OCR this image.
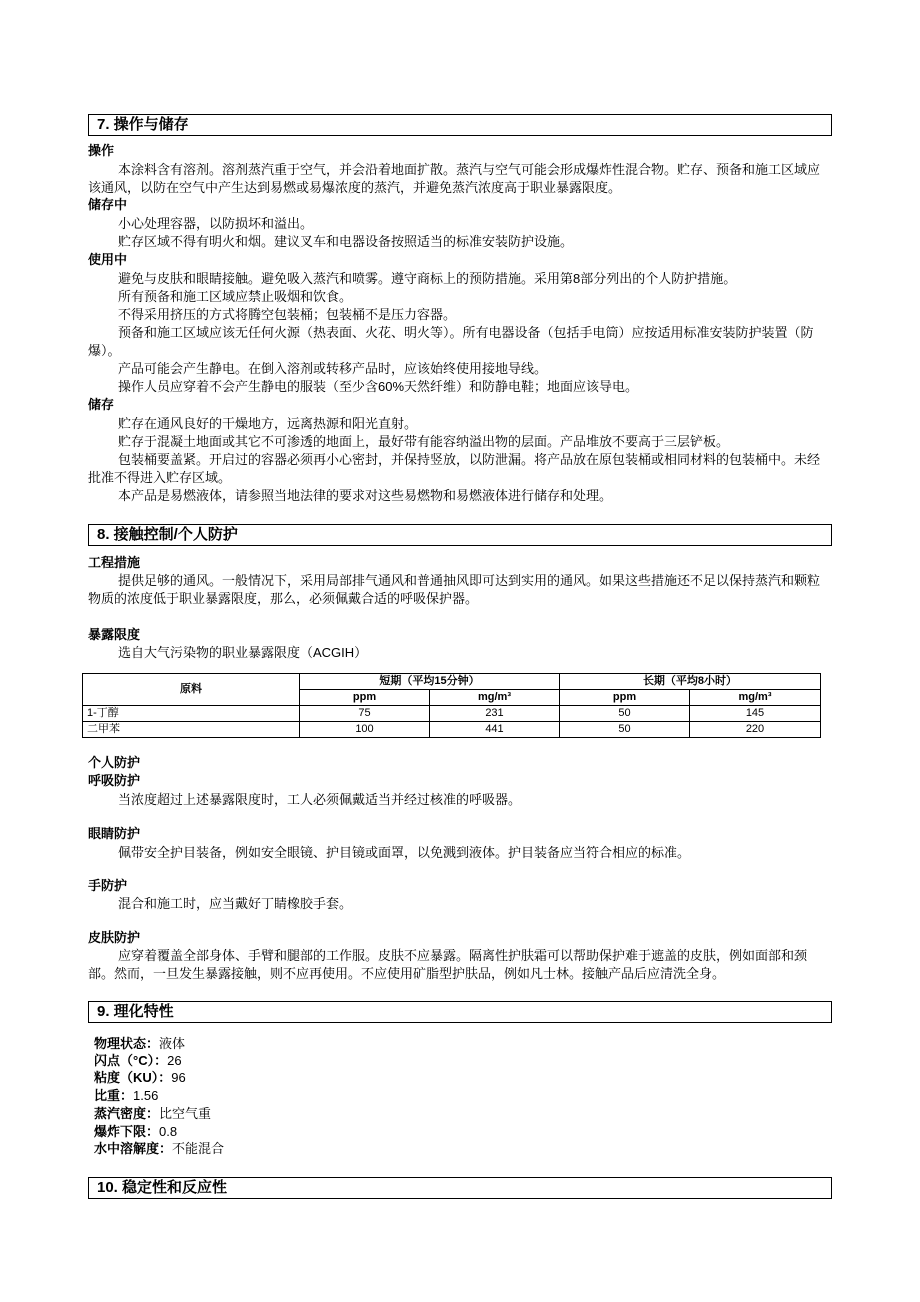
7. 操作与储存
操作
本涂料含有溶剂。溶剂蒸汽重于空气，并会沿着地面扩散。蒸汽与空气可能会形成爆炸性混合物。贮存、预备和施工区域应该通风，以防在空气中产生达到易燃或易爆浓度的蒸汽，并避免蒸汽浓度高于职业暴露限度。
储存中
小心处理容器，以防损坏和溢出。
贮存区域不得有明火和烟。建议叉车和电器设备按照适当的标准安装防护设施。
使用中
避免与皮肤和眼睛接触。避免吸入蒸汽和喷雾。遵守商标上的预防措施。采用第8部分列出的个人防护措施。
所有预备和施工区域应禁止吸烟和饮食。
不得采用挤压的方式将腾空包装桶；包装桶不是压力容器。
预备和施工区域应该无任何火源（热表面、火花、明火等）。所有电器设备（包括手电筒）应按适用标准安装防护装置（防爆）。
产品可能会产生静电。在倒入溶剂或转移产品时，应该始终使用接地导线。
操作人员应穿着不会产生静电的服装（至少含60%天然纤维）和防静电鞋；地面应该导电。
储存
贮存在通风良好的干燥地方，远离热源和阳光直射。
贮存于混凝土地面或其它不可渗透的地面上，最好带有能容纳溢出物的层面。产品堆放不要高于三层铲板。
包装桶要盖紧。开启过的容器必须再小心密封，并保持竖放，以防泄漏。将产品放在原包装桶或相同材料的包装桶中。未经批准不得进入贮存区域。
本产品是易燃液体，请参照当地法律的要求对这些易燃物和易燃液体进行储存和处理。
8. 接触控制/个人防护
工程措施
提供足够的通风。一般情况下，采用局部排气通风和普通抽风即可达到实用的通风。如果这些措施还不足以保持蒸汽和颗粒物质的浓度低于职业暴露限度，那么，必须佩戴合适的呼吸保护器。
暴露限度
选自大气污染物的职业暴露限度（ACGIH）
原料	短期（平均15分钟）		长期（平均8小时）	
	ppm	mg/m³	ppm	mg/m³
1-丁醇	75	231	50	145
二甲苯	100	441	50	220
个人防护
呼吸防护
当浓度超过上述暴露限度时，工人必须佩戴适当并经过核准的呼吸器。
眼睛防护
佩带安全护目装备，例如安全眼镜、护目镜或面罩，以免溅到液体。护目装备应当符合相应的标准。
手防护
混合和施工时，应当戴好丁睛橡胶手套。
皮肤防护
应穿着覆盖全部身体、手臂和腿部的工作服。皮肤不应暴露。隔离性护肤霜可以帮助保护难于遮盖的皮肤，例如面部和颈部。然而，一旦发生暴露接触，则不应再使用。不应使用矿脂型护肤品，例如凡士林。接触产品后应清洗全身。
9. 理化特性
物理状态：液体
闪点（°C）：26
粘度（KU）：96
比重：1.56
蒸汽密度：比空气重
爆炸下限：0.8
水中溶解度：不能混合
10. 稳定性和反应性
